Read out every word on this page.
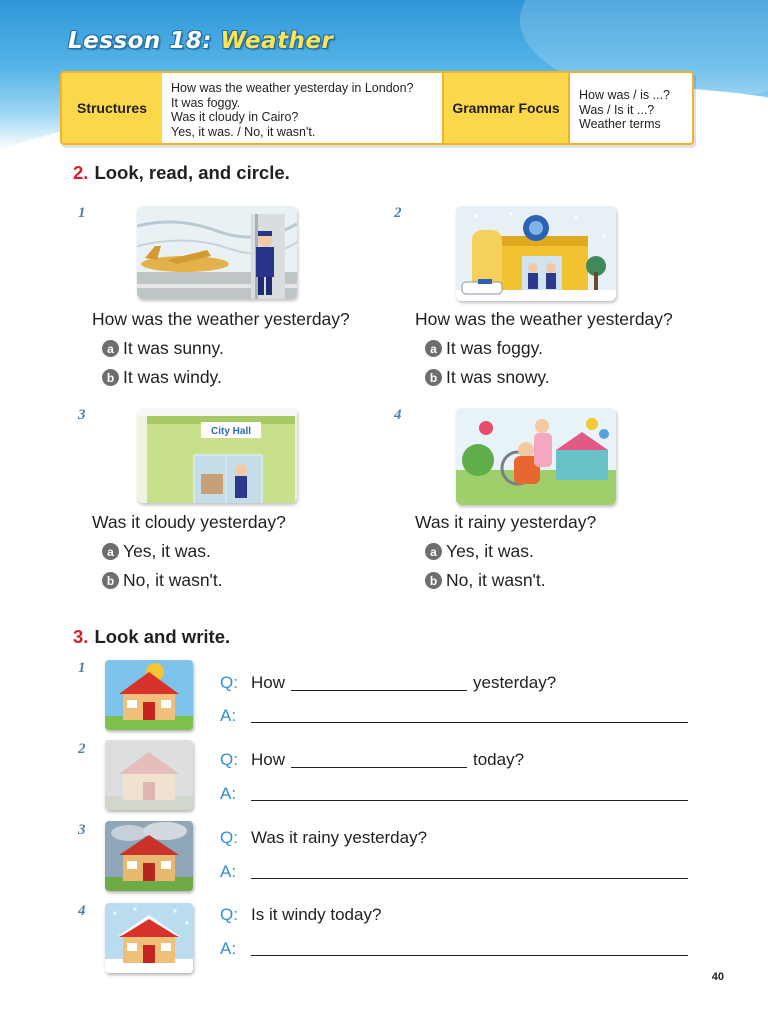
Lesson 18: Weather
Structures
How was the weather yesterday in London?
It was foggy.
Was it cloudy in Cairo?
Yes, it was. / No, it wasn't.
Grammar Focus
How was / is ...?
Was / Is it ...?
Weather terms
2. Look, read, and circle.
1
How was the weather yesterday?
a It was sunny.
b It was windy.
2
How was the weather yesterday?
a It was foggy.
b It was snowy.
3
City Hall
Was it cloudy yesterday?
a Yes, it was.
b No, it wasn't.
4
Was it rainy yesterday?
a Yes, it was.
b No, it wasn't.
3. Look and write.
1
Q: How	yesterday?
A:
2
Q: How	today?
A:
3	Q: Was it rainy yesterday?
A:
4	Q: Is it windy today?
A:
40
